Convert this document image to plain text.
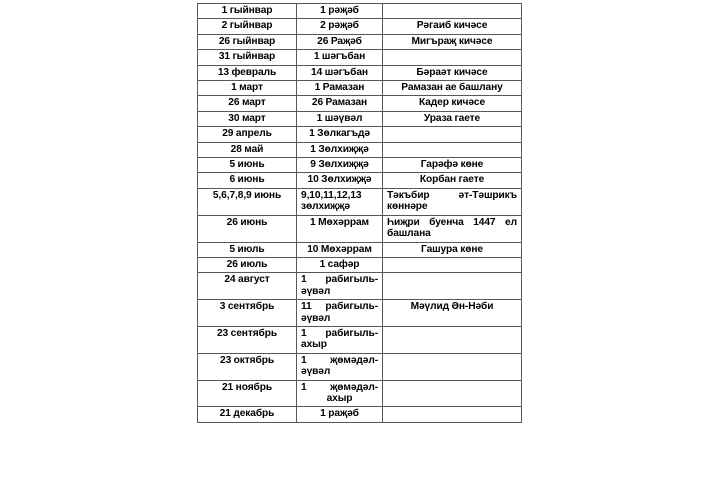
1 гыйнвар	1 рәҗәб	
2 гыйнвар	2 рәҗәб	Рәгаиб кичәсе
26 гыйнвар	26 Раҗәб	Мигъраҗ кичәсе
31 гыйнвар	1 шәгъбан	
13 февраль	14 шәгъбан	Бәраәт кичәсе
1 март	1 Рамазан	Рамазан ае башлану
26 март	26 Рамазан	Кадер кичәсе
30 март	1 шәүвәл	Ураза гаете
29 апрель	1 Зөлкагъдә	
28 май	1 Зөлхиҗҗә	
5 июнь	9 Зөлхиҗҗә	Гарәфә көне
6 июнь	10 Зөлхиҗҗә	Корбан гаете
5,6,7,8,9 июнь	9,10,11,12,13 зөлхиҗҗә	Тәкъбир әт-Тәшрикъ көннәре
26 июнь	1 Мөхәррам	Һиҗри буенча 1447 ел башлана
5 июль	10 Мөхәррам	Гашура көне
26 июль	1 сафәр	
24 август	1 рабигыль-әүвәл	
3 сентябрь	11 рабигыль-әүвәл	Мәүлид Ән-Нәби
23 сентябрь	1 рабигыль-ахыр	
23 октябрь	1 җөмәдәл-әүвәл	
21 ноябрь	1 җөмәдәл-ахыр	
21 декабрь	1 раҗәб	
